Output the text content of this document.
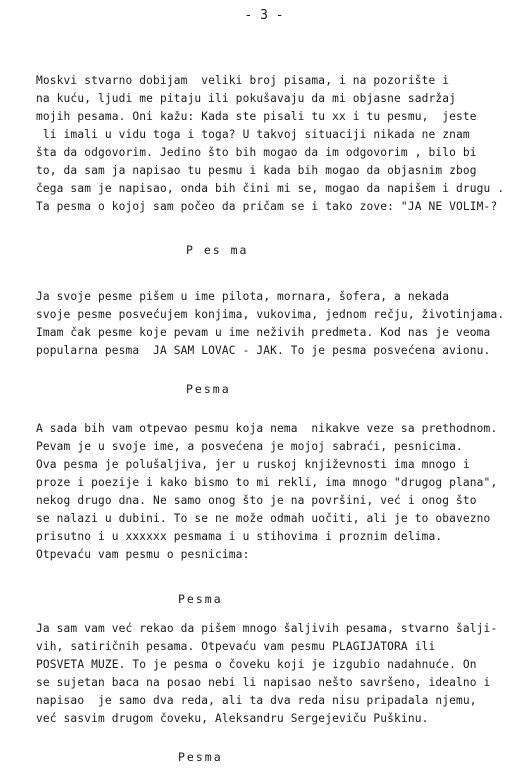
- 3 -
Moskvi stvarno dobijam  veliki broj pisama, i na pozorište i
na kuću, ljudi me pitaju ili pokušavaju da mi objasne sadržaj
mojih pesama. Oni kažu: Kada ste pisali tu xx i tu pesmu,  jeste
li imali u vidu toga i toga? U takvoj situaciji nikada ne znam
šta da odgovorim. Jedino što bih mogao da im odgovorim , bilo bi
to, da sam ja napisao tu pesmu i kada bih mogao da objasnim zbog
čega sam je napisao, onda bih čini mi se, mogao da napišem i drugu .
Ta pesma o kojoj sam počeo da pričam se i tako zove: "JA NE VOLIM-?
P es ma
Ja svoje pesme pišem u ime pilota, mornara, šofera, a nekada
svoje pesme posvećujem konjima, vukovima, jednom rečju, životinjama.
Imam čak pesme koje pevam u ime neživih predmeta. Kod nas je veoma
popularna pesma  JA SAM LOVAC - JAK. To je pesma posvećena avionu.
Pesma
A sada bih vam otpevao pesmu koja nema  nikakve veze sa prethodnom.
Pevam je u svoje ime, a posvećena je mojoj sabraći, pesnicima.
Ova pesma je polušaljiva, jer u ruskoj književnosti ima mnogo i
proze i poezije i kako bismo to mi rekli, ima mnogo "drugog plana",
nekog drugo dna. Ne samo onog što je na površini, već i onog što
se nalazi u dubini. To se ne može odmah uočiti, ali je to obavezno
prisutno i u xxxxxx pesmama i u stihovima i proznim delima.
Otpevaću vam pesmu o pesnicima:
Pesma
Ja sam vam već rekao da pišem mnogo šaljivih pesama, stvarno šalji-
vih, satiričnih pesama. Otpevaću vam pesmu PLAGIJATORA ili
POSVETA MUZE. To je pesma o čoveku koji je izgubio nadahnuće. On
se sujetan baca na posao nebi li napisao nešto savršeno, idealno i
napisao  je samo dva reda, ali ta dva reda nisu pripadala njemu,
već sasvim drugom čoveku, Aleksandru Sergejeviču Puškinu.
Pesma
